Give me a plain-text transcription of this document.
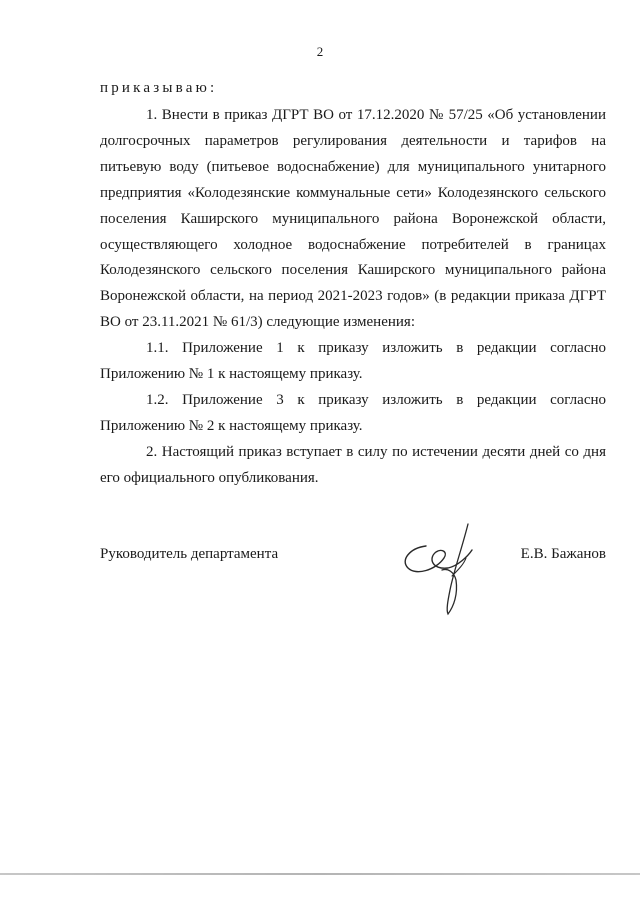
2
приказываю:

1. Внести в приказ ДГРТ ВО от 17.12.2020 № 57/25 «Об установлении долгосрочных параметров регулирования деятельности и тарифов на питьевую воду (питьевое водоснабжение) для муниципального унитарного предприятия «Колодезянские коммунальные сети» Колодезянского сельского поселения Каширского муниципального района Воронежской области, осуществляющего холодное водоснабжение потребителей в границах Колодезянского сельского поселения Каширского муниципального района Воронежской области, на период 2021-2023 годов» (в редакции приказа ДГРТ ВО от 23.11.2021 № 61/3) следующие изменения:

1.1. Приложение 1 к приказу изложить в редакции согласно Приложению № 1 к настоящему приказу.

1.2. Приложение 3 к приказу изложить в редакции согласно Приложению № 2 к настоящему приказу.

2. Настоящий приказ вступает в силу по истечении десяти дней со дня его официального опубликования.

Руководитель департамента	Е.В. Бажанов
